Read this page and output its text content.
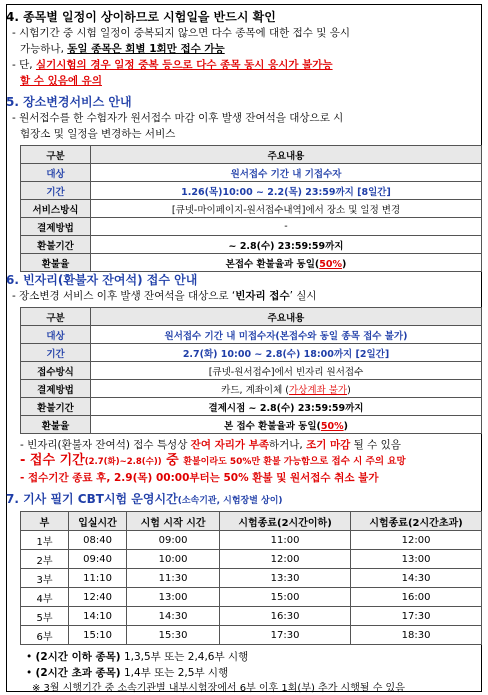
4. 종목별 일정이 상이하므로 시험일을 반드시 확인
- 시험기간 중 시험 일정이 중복되지 않으면 다수 종목에 대한 접수 및 응시
가능하나, 동일 종목은 회별 1회만 접수 가능
- 단, 실기시험의 경우 일정 중복 등으로 다수 종목 동시 응시가 불가능
할 수 있음에 유의
5. 장소변경서비스 안내
- 원서접수를 한 수험자가 원서접수 마감 이후 발생 잔여석을 대상으로 시
험장소 및 일정을 변경하는 서비스
구분	주요내용
대상	원서접수 기간 내 기접수자
기간	1.26(목)10:00 ~ 2.2(목) 23:59까지 [8일간]
서비스방식	[큐넷-마이페이지-원서접수내역]에서 장소 및 일정 변경
결제방법	-
환불기간	~ 2.8(수) 23:59:59까지
환불율	본접수 환불율과 동일(50%)
6. 빈자리(환불자 잔여석) 접수 안내
- 장소변경 서비스 이후 발생 잔여석을 대상으로 ‘빈자리 접수’ 실시
구분	주요내용
대상	원서접수 기간 내 미접수자(본접수와 동일 종목 접수 불가)
기간	2.7(화) 10:00 ~ 2.8(수) 18:00까지 [2일간]
접수방식	[큐넷-원서접수]에서 빈자리 원서접수
결제방법	카드, 계좌이체 (가상계좌 불가)
환불기간	결제시점 ~ 2.8(수) 23:59:59까지
환불율	본 접수 환불율과 동일(50%)
- 빈자리(환불자 잔여석) 접수 특성상 잔여 자리가 부족하거나, 조기 마감 될 수 있음
- 접수 기간(2.7(화)~2.8(수)) 중 환불이라도 50%만 환불 가능함으로 접수 시 주의 요망
- 접수기간 종료 후, 2.9(목) 00:00부터는 50% 환불 및 원서접수 취소 불가
7. 기사 필기 CBT시험 운영시간(소속기관, 시험장별 상이)
부	입실시간	시험 시작 시간	시험종료(2시간이하)	시험종료(2시간초과)
1부	08:40	09:00	11:00	12:00
2부	09:40	10:00	12:00	13:00
3부	11:10	11:30	13:30	14:30
4부	12:40	13:00	15:00	16:00
5부	14:10	14:30	16:30	17:30
6부	15:10	15:30	17:30	18:30
• (2시간 이하 종목) 1,3,5부 또는 2,4,6부 시행
• (2시간 초과 종목) 1,4부 또는 2,5부 시행
※ 3월 시행기간 중 소속기관별 내부시험장에서 6부 이후 1회(부) 추가 시행될 수 있음
